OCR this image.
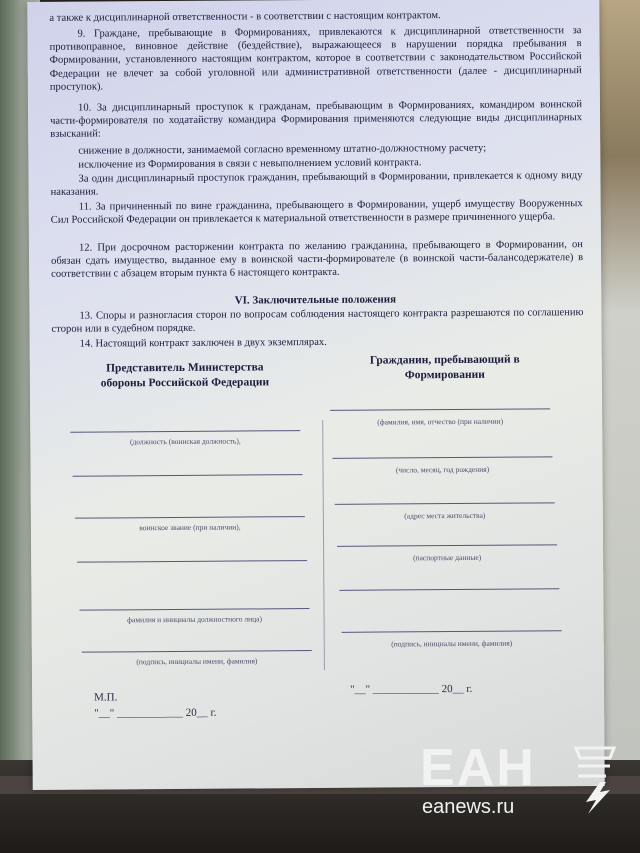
а также к дисциплинарной ответственности - в соответствии с настоящим контрактом.

9. Граждане, пребывающие в Формированиях, привлекаются к дисциплинарной ответственности за противоправное, виновное действие (бездействие), выражающееся в нарушении порядка пребывания в Формировании, установленного настоящим контрактом, которое в соответствии с законодательством Российской Федерации не влечет за собой уголовной или административной ответственности (далее - дисциплинарный проступок).

10. За дисциплинарный проступок к гражданам, пребывающим в Формированиях, командиром воинской части-формирователя по ходатайству командира Формирования применяются следующие виды дисциплинарных взысканий:

снижение в должности, занимаемой согласно временному штатно-должностному расчету;

исключение из Формирования в связи с невыполнением условий контракта.

За один дисциплинарный проступок гражданин, пребывающий в Формировании, привлекается к одному виду наказания.

11. За причиненный по вине гражданина, пребывающего в Формировании, ущерб имуществу Вооруженных Сил Российской Федерации он привлекается к материальной ответственности в размере причиненного ущерба.

12. При досрочном расторжении контракта по желанию гражданина, пребывающего в Формировании, он обязан сдать имущество, выданное ему в воинской части-формирователе (в воинской части-балансодержателе) в соответствии с абзацем вторым пункта 6 настоящего контракта.

VI. Заключительные положения

13. Споры и разногласия сторон по вопросам соблюдения настоящего контракта разрешаются по соглашению сторон или в судебном порядке.

14. Настоящий контракт заключен в двух экземплярах.

Представитель Министерства обороны Российской Федерации
Гражданин, пребывающий в Формировании
(должность (воинская должность),
воинское звание (при наличии),
фамилия и инициалы должностного лица)
(подпись, инициалы имени, фамилия)
(фамилия, имя, отчество (при наличии)
(число, месяц, год рождения)
(адрес места жительства)
(паспортные данные)
(подпись, инициалы имени, фамилия)
М.П.
"__" ____________ 20__ г.
"__" ____________ 20__ г.
ЕАН
eanews.ru
